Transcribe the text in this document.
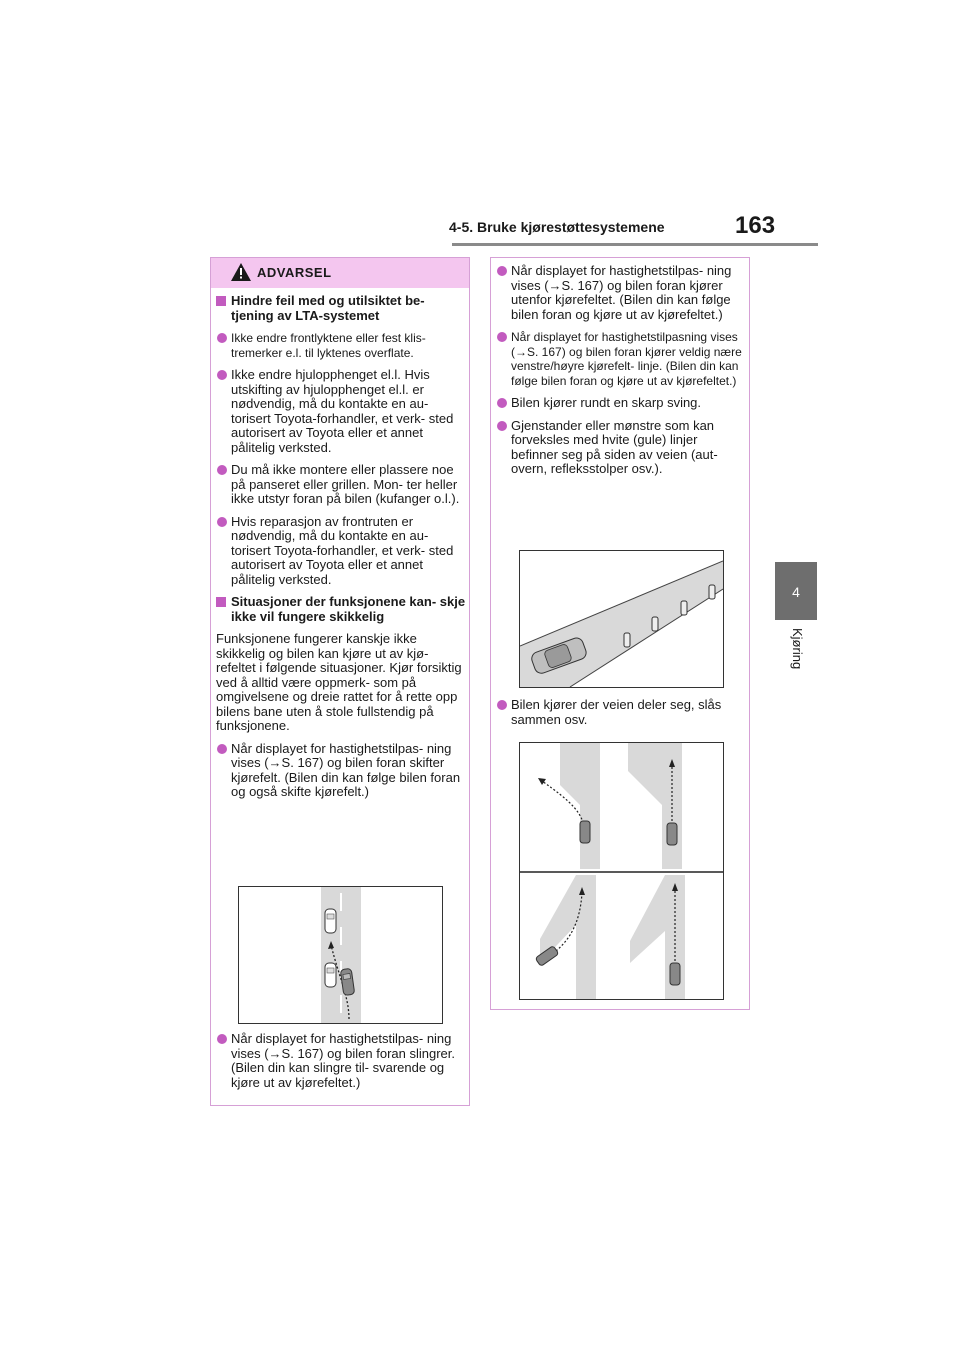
4-5. Bruke kjørestøttesystemene	163
4
Kjøring
ADVARSEL
Hindre feil med og utilsiktet be- tjening av LTA-systemet
Ikke endre frontlyktene eller fest klis- tremerker e.l. til lyktenes overflate.
Ikke endre hjulopphenget el.l. Hvis utskifting av hjulopphenget el.l. er nødvendig, må du kontakte en au- torisert Toyota-forhandler, et verk- sted autorisert av Toyota eller et annet pålitelig verksted.
Du må ikke montere eller plassere noe på panseret eller grillen. Mon- ter heller ikke utstyr foran på bilen (kufanger o.l.).
Hvis reparasjon av frontruten er nødvendig, må du kontakte en au- torisert Toyota-forhandler, et verk- sted autorisert av Toyota eller et annet pålitelig verksted.
Situasjoner der funksjonene kan- skje ikke vil fungere skikkelig
Funksjonene fungerer kanskje ikke skikkelig og bilen kan kjøre ut av kjø- refeltet i følgende situasjoner. Kjør forsiktig ved å alltid være oppmerk- som på omgivelsene og dreie rattet for å rette opp bilens bane uten å stole fullstendig på funksjonene.
Når displayet for hastighetstilpas- ning vises (→S. 167) og bilen foran skifter kjørefelt. (Bilen din kan følge bilen foran og også skifte kjørefelt.)
Når displayet for hastighetstilpas- ning vises (→S. 167) og bilen foran slingrer. (Bilen din kan slingre til- svarende og kjøre ut av kjørefeltet.)
Når displayet for hastighetstilpas- ning vises (→S. 167) og bilen foran kjører utenfor kjørefeltet. (Bilen din kan følge bilen foran og kjøre ut av kjørefeltet.)
Når displayet for hastighetstilpasning vises (→S. 167) og bilen foran kjører veldig nære venstre/høyre kjørefelt- linje. (Bilen din kan følge bilen foran og kjøre ut av kjørefeltet.)
Bilen kjører rundt en skarp sving.
Gjenstander eller mønstre som kan forveksles med hvite (gule) linjer befinner seg på siden av veien (aut- overn, refleksstolper osv.).
Bilen kjører der veien deler seg, slås sammen osv.
